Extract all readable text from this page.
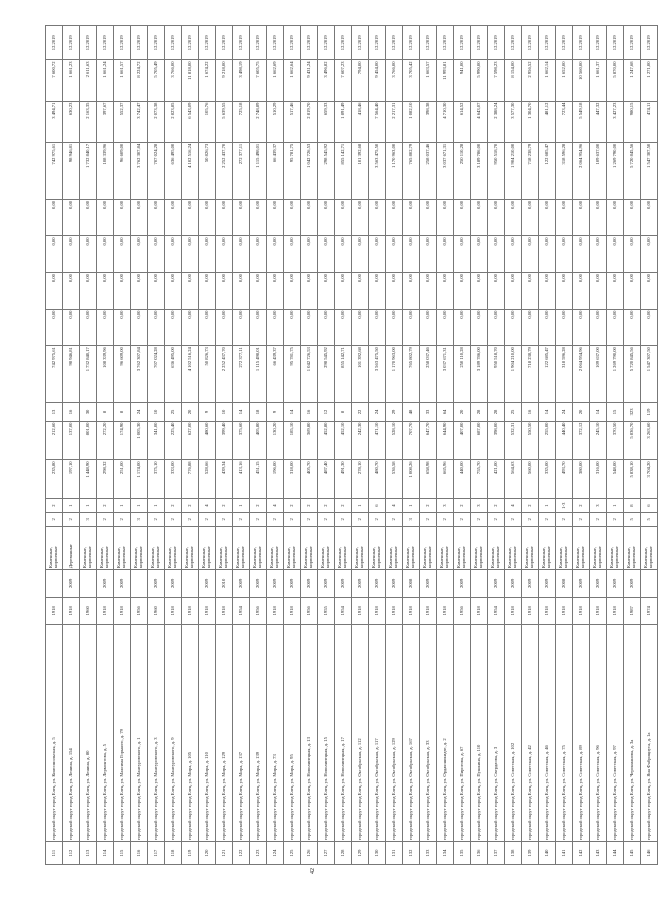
111	городской округ город Елец, ул. Комсомольская, д. 5	1918		Каменные, кирпичные	2	2	235,80	212,60	13	742 975,61	0,00	0,00	0,00	0,00	742 975,61	3 494,71	7 600,72	12.2019
112	городской округ город Елец, ул. Ленина, д. 154	1918	2009	Деревянные	2	1	197,10	137,00	16	98 946,81	0,00	0,00	0,00	0,00	98 946,81	630,23	1 661,23	12.2019
113	городской округ город Елец, ул. Ленина, д. 80	1960		Каменные, кирпичные	3	1	1 448,90	801,00	30	1 732 840,17	0,00	0,00	0,00	0,00	1 732 840,17	2 163,35	2 611,63	12.2019
114	городской округ город Елец, ул. Лермонтова, д. 5	1918	2009	Каменные, кирпичные	2	2	298,32	272,20	8	108 339,96	0,00	0,00	0,00	0,00	108 339,96	397,67	1 661,24	12.2019
115	городской округ город Елец, ул. Максима Горького, д. 79	1918	2009	Каменные, кирпичные	2	1	251,00	174,90	8	96 609,00	0,00	0,00	0,00	0,00	96 609,00	552,37	1 661,57	12.2019
116	городской округ город Елец, ул. Мансуровского, д. 1	1956		Каменные, кирпичные	3	1	1 174,00	1 005,30	24	3 762 307,84	0,00	0,00	0,00	0,00	3 762 307,84	3 742,47	8 224,72	12.2019
117	городской округ город Елец, ул. Мансуровского, д. 3	1960	2009	Каменные, кирпичные	2	1	375,10	341,00	10	707 024,28	0,00	0,00	0,00	0,00	707 024,28	2 073,38	5 705,49	12.2019
118	городской округ город Елец, ул. Мансуровского, д. 9	1918	2009	Каменные, кирпичные	2	2	333,00	225,40	25	636 495,00	0,00	0,00	0,00	0,00	636 495,00	2 823,85	3 766,00	12.2019
119	городской округ город Елец, ул. Мира, д. 105	1918		Каменные, кирпичные	2	2	776,88	627,00	20	4 102 516,24	0,00	0,00	0,00	0,00	4 102 516,24	6 543,09	11 818,00	12.2019
120	городской округ город Елец, ул. Мира, д. 110	1918	2009	Каменные, кирпичные	2	4	528,66	480,60	9	50 826,73	0,00	0,00	0,00	0,00	50 826,73	105,76	1 674,22	12.2019
121	городской округ город Елец, ул. Мира, д. 129	1918	2010	Каменные, кирпичные	2	2	439,34	399,40	10	2 252 437,70	0,00	0,00	0,00	0,00	2 252 437,70	5 639,55	9 218,00	12.2019
122	городской округ город Елец, ул. Мира, д. 137	1954	2009	Каменные, кирпичные	2	1	413,16	375,60	14	272 377,11	0,00	0,00	0,00	0,00	272 377,11	725,18	3 498,19	12.2019
123	городской округ город Елец, ул. Мира, д. 139	1956	2009	Каменные, кирпичные	2	2	451,15	405,80	18	1 115 498,01	0,00	0,00	0,00	0,00	1 115 498,01	2 748,89	7 605,75	12.2019
124	городской округ город Елец, ул. Мира, д. 73	1918	2009	Каменные, кирпичные	2	4	196,00	130,20	9	66 439,37	0,00	0,00	0,00	0,00	66 439,37	510,29	1 662,69	12.2019
125	городской округ город Елец, ул. Мира, д. 95	1918	2009	Каменные, кирпичные	2	2	318,00	185,10	14	95 781,75	0,00	0,00	0,00	0,00	95 781,75	517,46	1 662,64	12.2019
126	городской округ город Елец, ул. Новолипецкая, д. 13	1956	2009	Каменные, кирпичные	2	2	405,70	369,80	16	1 042 726,53	0,00	0,00	0,00	0,00	1 042 726,53	2 819,70	9 431,24	12.2019
127	городской округ город Елец, ул. Новолипецкая, д. 15	1955	2009	Каменные, кирпичные	2	2	487,40	452,80	12	298 545,92	0,00	0,00	0,00	0,00	298 545,92	659,33	3 496,82	12.2019
128	городской округ город Елец, ул. Новолипецкая, д. 17	1954	2009	Каменные, кирпичные	2	2	491,30	452,10	8	855 142,71	0,00	0,00	0,00	0,00	855 142,71	1 891,49	7 607,23	12.2019
129	городской округ город Елец, ул. Октябрьская, д. 112	1918	2009	Каменные, кирпичные	2	1	278,10	242,30	22	101 392,68	0,00	0,00	0,00	0,00	101 392,68	418,46	794,00	12.2019
130	городской округ город Елец, ул. Октябрьская, д. 117	1918	2009	Каменные, кирпичные	2	6	480,70	471,10	24	3 563 475,50	0,00	0,00	0,00	0,00	3 563 475,50	7 564,40	9 454,00	12.2019
131	городской округ город Елец, ул. Октябрьская, д. 129	1918	2009	Каменные, кирпичные	2	4	536,58	528,10	29	1 170 963,00	0,00	0,00	0,00	0,00	1 170 963,00	2 217,31	3 766,00	12.2019
132	городской округ город Елец, ул. Октябрьская, д. 167	1918	2008	Каменные, кирпичные	3	1	1 008,26	707,70	48	765 802,79	0,00	0,00	0,00	0,00	765 802,79	1 082,10	3 705,42	12.2019
133	городской округ город Елец, ул. Октябрьская, д. 33	1918	2009	Каменные, кирпичные	2	2	658,98	647,70	33	258 037,46	0,00	0,00	0,00	0,00	258 037,46	398,38	1 663,57	12.2019
134	городской округ город Елец, ул. Орджоникидзе, д. 2	1918		Каменные, кирпичные	2	3	665,96	644,90	64	3 037 671,31	0,00	0,00	0,00	0,00	3 037 671,31	4 710,30	11 993,81	12.2019
135	городской округ город Елец, ул. Пирогова, д. 67	1956	2009	Каменные, кирпичные	2	2	440,00	407,00	20	250 110,28	0,00	0,00	0,00	0,00	250 110,28	614,52	941,00	12.2019
136	городской округ город Елец, ул. Пушкина, д. 110	1918		Каменные, кирпичные	2	3	755,70	687,00	28	3 189 786,00	0,00	0,00	0,00	0,00	3 189 786,00	4 643,07	5 990,00	12.2019
137	городской округ город Елец, ул. Свердлова, д. 3	1954	2009	Каменные, кирпичные	2	2	421,00	398,00	28	950 518,70	0,00	0,00	0,00	0,00	950 518,70	2 388,24	7 598,23	12.2019
138	городской округ город Елец, ул. Советская, д. 102	1918	2009	Каменные, кирпичные	2	4	564,63	532,31	25	1 904 210,00	0,00	0,00	0,00	0,00	1 904 210,00	3 577,30	8 154,00	12.2019
139	городской округ город Елец, ул. Советская, д. 42	1918	2009	Каменные, кирпичные	2	2	560,00	550,50	16	718 238,79	0,00	0,00	0,00	0,00	718 238,79	1 304,70	2 956,52	12.2019
140	городской округ город Елец, ул. Советская, д. 46	1918	2009	Каменные, кирпичные	2	1	335,00	255,00	14	122 685,47	0,00	0,00	0,00	0,00	122 685,47	481,12	1 662,14	12.2019
141	городской округ город Елец, ул. Советская, д. 75	1918	2008	Каменные, кирпичные	2	1-3	493,70	440,40	24	318 596,28	0,00	0,00	0,00	0,00	318 596,28	723,44	1 652,00	12.2019
142	городской округ город Елец, ул. Советская, д. 89	1918	2009	Каменные, кирпичные	2	2	380,00	372,12	20	2 064 954,96	0,00	0,00	0,00	0,00	2 064 954,96	5 549,18	10 560,00	12.2019
143	городской округ город Елец, ул. Советская, д. 96	1918	2009	Каменные, кирпичные	2	3	316,00	245,10	14	109 637,00	0,00	0,00	0,00	0,00	109 637,00	447,32	1 661,37	12.2019
144	городской округ город Елец, ул. Советская, д. 97	1918	2009	Каменные, кирпичные	2	1	548,00	370,50	15	1 269 790,00	0,00	0,00	0,00	0,00	1 269 790,00	3 427,23	5 870,00	12.2019
145	городской округ город Елец, ул. Черокманова, д. 3а	1987	2009	Каменные, кирпичные	5	8	5 838,10	5 836,70	323	5 720 845,56	0,00	0,00	0,00	0,00	5 720 845,56	980,15	1 247,68	12.2019
146	городской округ город Елец, ул. Яна Фабрициуса, д. 1а	1974		Каменные, кирпичные	5	6	3 704,20	3 263,60	119	1 547 307,50	0,00	0,00	0,00	0,00	1 547 307,50	474,11	1 271,00	12.2019
42
